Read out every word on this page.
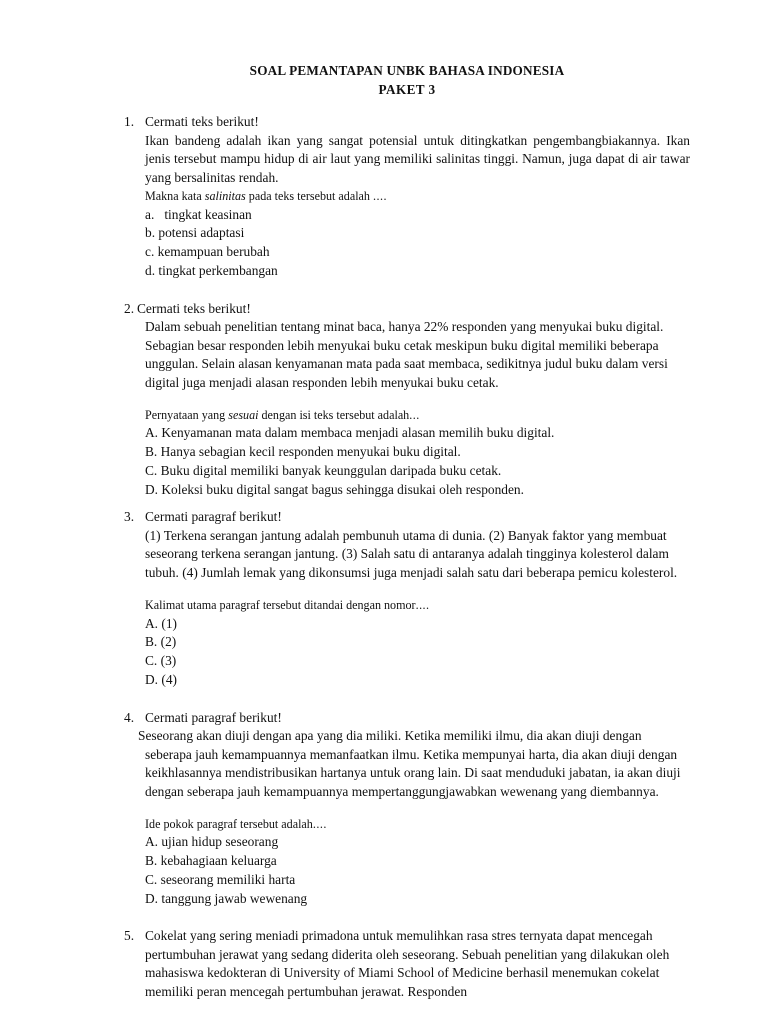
SOAL PEMANTAPAN UNBK BAHASA INDONESIA
PAKET 3
1. Cermati teks berikut!

Ikan bandeng adalah ikan yang sangat potensial untuk ditingkatkan pengembangbiakannya. Ikan jenis tersebut mampu hidup di air laut yang memiliki salinitas tinggi. Namun, juga dapat di air tawar yang bersalinitas rendah.

Makna kata salinitas pada teks tersebut adalah ....

a.   tingkat keasinan
b. potensi adaptasi
c. kemampuan berubah
d. tingkat perkembangan
2. Cermati teks berikut!

Dalam sebuah penelitian tentang minat baca, hanya 22% responden yang menyukai buku digital. Sebagian besar responden lebih menyukai buku cetak meskipun buku digital memiliki beberapa unggulan. Selain alasan kenyamanan mata pada saat membaca, sedikitnya judul buku dalam versi digital juga menjadi alasan responden lebih menyukai buku cetak.

Pernyataan yang sesuai dengan isi teks tersebut adalah...

A. Kenyamanan mata dalam membaca menjadi alasan memilih buku digital.
B. Hanya sebagian kecil responden menyukai buku digital.
C. Buku digital memiliki banyak keunggulan daripada buku cetak.
D. Koleksi buku digital sangat bagus sehingga disukai oleh responden.
3. Cermati paragraf berikut!

(1) Terkena serangan jantung adalah pembunuh utama di dunia. (2) Banyak faktor yang membuat seseorang terkena serangan jantung. (3) Salah satu di antaranya adalah tingginya kolesterol dalam tubuh. (4) Jumlah lemak yang dikonsumsi juga menjadi salah satu dari beberapa pemicu kolesterol.

Kalimat utama paragraf tersebut ditandai dengan nomor....

A. (1)
B. (2)
C. (3)
D. (4)
4. Cermati paragraf berikut!

Seseorang akan diuji dengan apa yang dia miliki. Ketika memiliki ilmu, dia akan diuji dengan seberapa jauh kemampuannya memanfaatkan ilmu. Ketika mempunyai harta, dia akan diuji dengan keikhlasannya mendistribusikan hartanya untuk orang lain. Di saat menduduki jabatan, ia akan diuji dengan seberapa jauh kemampuannya mempertanggungjawabkan wewenang yang diembannya.

Ide pokok paragraf tersebut adalah....

A. ujian hidup seseorang
B. kebahagiaan keluarga
C. seseorang memiliki harta
D. tanggung jawab wewenang
5. Cokelat yang sering meniadi primadona untuk memulihkan rasa stres ternyata dapat mencegah pertumbuhan jerawat yang sedang diderita oleh seseorang. Sebuah penelitian yang dilakukan oleh mahasiswa kedokteran di University of Miami School of Medicine berhasil menemukan cokelat memiliki peran mencegah pertumbuhan jerawat. Responden
